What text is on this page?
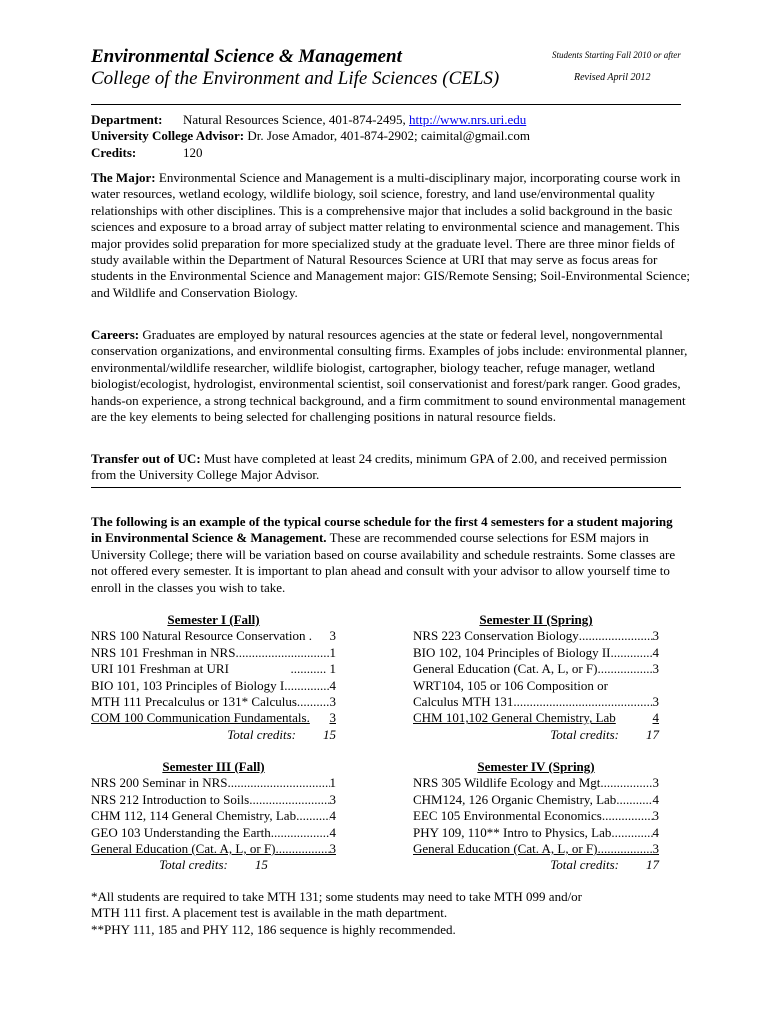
Environmental Science & Management
College of the Environment and Life Sciences (CELS)
Students Starting Fall 2010 or after
Revised April 2012

Department: Natural Resources Science, 401-874-2495, http://www.nrs.uri.edu

University College Advisor: Dr. Jose Amador, 401-874-2902; caimital@gmail.com

Credits:	120

The Major: Environmental Science and Management is a multi-disciplinary major, incorporating course work in water resources, wetland ecology, wildlife biology, soil science, forestry, and land use/environmental quality relationships with other disciplines. This is a comprehensive major that includes a solid background in the basic sciences and exposure to a broad array of subject matter relating to environmental science and management. This major provides solid preparation for more specialized study at the graduate level. There are three minor fields of study available within the Department of Natural Resources Science at URI that may serve as focus areas for students in the Environmental Science and Management major: GIS/Remote Sensing; Soil-Environmental Science; and Wildlife and Conservation Biology.

Careers: Graduates are employed by natural resources agencies at the state or federal level, nongovernmental conservation organizations, and environmental consulting firms. Examples of jobs include: environmental planner, environmental/wildlife researcher, wildlife biologist, cartographer, biology teacher, refuge manager, wetland biologist/ecologist, hydrologist, environmental scientist, soil conservationist and forest/park ranger. Good grades, hands-on experience, a strong technical background, and a firm commitment to sound environmental management are the key elements to being selected for challenging positions in natural resource fields.

Transfer out of UC: Must have completed at least 24 credits, minimum GPA of 2.00, and received permission from the University College Major Advisor.

The following is an example of the typical course schedule for the first 4 semesters for a student majoring in Environmental Science & Management. These are recommended course selections for ESM majors in University College; there will be variation based on course availability and schedule restraints. Some classes are not offered every semester. It is important to plan ahead and consult with your advisor to allow yourself time to enroll in the classes you wish to take.

Semester I (Fall)
NRS 100 Natural Resource Conservation . 3
NRS 101 Freshman in NRS .....	1
URI 101 Freshman at URI	........... 1
BIO 101, 103 Principles of Biology I .....	4
MTH 111 Precalculus or 131* Calculus .....	3
COM 100 Communication Fundamentals. 3
Total credits:	15
Semester II (Spring)
NRS 223 Conservation Biology .....	3
BIO 102, 104 Principles of Biology II .....	4
General Education (Cat. A, L, or F) .....	3
WRT104, 105 or 106 Composition or
Calculus MTH 131 .....	3
CHM 101,102 General Chemistry, Lab	4
Total credits:	17
Semester III (Fall)
NRS 200 Seminar in NRS .....	1
NRS 212 Introduction to Soils .....	3
CHM 112, 114 General Chemistry, Lab .....	4
GEO 103 Understanding the Earth .....	4
General Education (Cat. A, L, or F) .....	3
Total credits:	15
Semester IV (Spring)
NRS 305 Wildlife Ecology and Mgt .....	3
CHM124, 126 Organic Chemistry, Lab .....	4
EEC 105 Environmental Economics .....	3
PHY 109, 110** Intro to Physics, Lab .....	4
General Education (Cat. A, L, or F) .....	3
Total credits:	17

*All students are required to take MTH 131; some students may need to take MTH 099 and/or

MTH 111 first. A placement test is available in the math department.

**PHY 111, 185 and PHY 112, 186 sequence is highly recommended.
